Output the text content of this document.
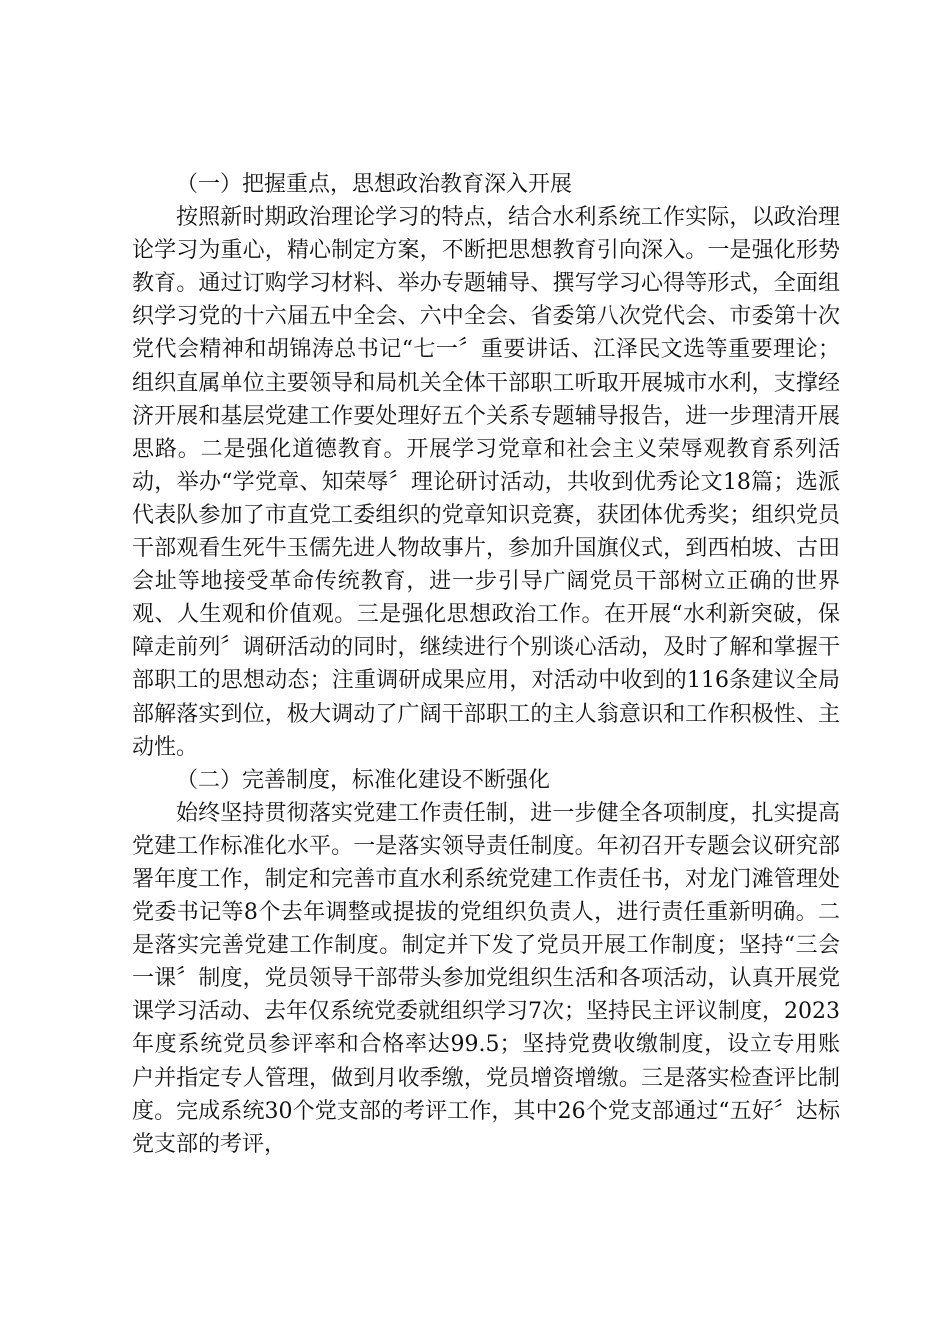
（一）把握重点，思想政治教育深入开展

按照新时期政治理论学习的特点，结合水利系统工作实际，以政治理论学习为重心，精心制定方案，不断把思想教育引向深入。一是强化形势教育。通过订购学习材料、举办专题辅导、撰写学习心得等形式，全面组织学习党的十六届五中全会、六中全会、省委第八次党代会、市委第十次党代会精神和胡锦涛总书记“七一〞重要讲话、江泽民文选等重要理论；组织直属单位主要领导和局机关全体干部职工听取开展城市水利，支撑经济开展和基层党建工作要处理好五个关系专题辅导报告，进一步理清开展思路。二是强化道德教育。开展学习党章和社会主义荣辱观教育系列活动，举办“学党章、知荣辱〞理论研讨活动，共收到优秀论文18篇；选派代表队参加了市直党工委组织的党章知识竞赛，获团体优秀奖；组织党员干部观看生死牛玉儒先进人物故事片，参加升国旗仪式，到西柏坡、古田会址等地接受革命传统教育，进一步引导广阔党员干部树立正确的世界观、人生观和价值观。三是强化思想政治工作。在开展“水利新突破，保障走前列〞调研活动的同时，继续进行个别谈心活动，及时了解和掌握干部职工的思想动态；注重调研成果应用，对活动中收到的116条建议全局部解落实到位，极大调动了广阔干部职工的主人翁意识和工作积极性、主动性。

（二）完善制度，标准化建设不断强化

始终坚持贯彻落实党建工作责任制，进一步健全各项制度，扎实提高党建工作标准化水平。一是落实领导责任制度。年初召开专题会议研究部署年度工作，制定和完善市直水利系统党建工作责任书，对龙门滩管理处党委书记等8个去年调整或提拔的党组织负责人，进行责任重新明确。二是落实完善党建工作制度。制定并下发了党员开展工作制度；坚持“三会一课〞制度，党员领导干部带头参加党组织生活和各项活动，认真开展党课学习活动、去年仅系统党委就组织学习7次；坚持民主评议制度，2023年度系统党员参评率和合格率达99.5；坚持党费收缴制度，设立专用账户并指定专人管理，做到月收季缴，党员增资增缴。三是落实检查评比制度。完成系统30个党支部的考评工作，其中26个党支部通过“五好〞达标党支部的考评，
